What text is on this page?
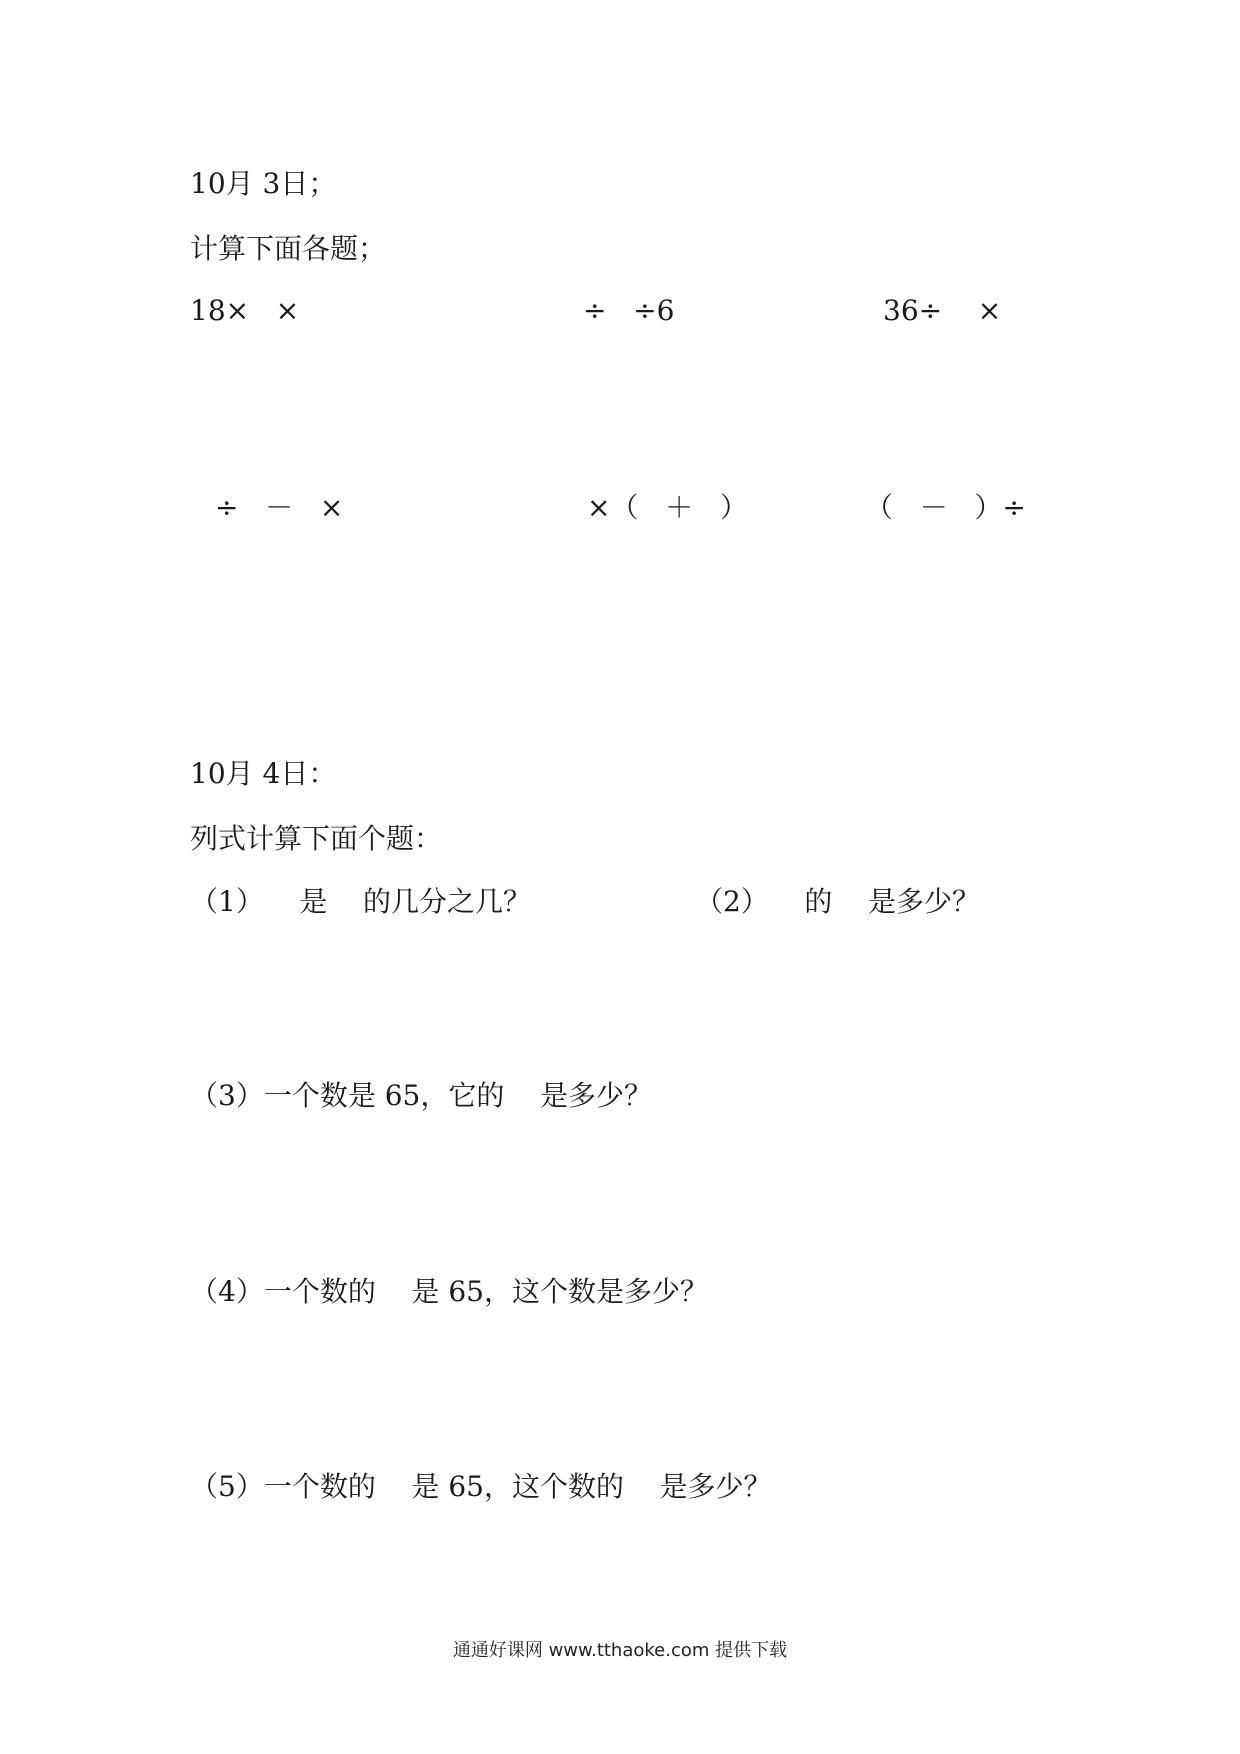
10月 3日；
计算下面各题；
18×   ×	÷   ÷6	36÷    ×
÷   －   ×	×（   ＋   ）	（   －   ）÷
10月 4日：
列式计算下面个题：
（1）    是    的几分之几？	（2）    的    是多少？
（3）一个数是 65，它的    是多少？
（4）一个数的    是 65，这个数是多少？
（5）一个数的    是 65，这个数的    是多少？
通通好课网 www.tthaoke.com 提供下载
